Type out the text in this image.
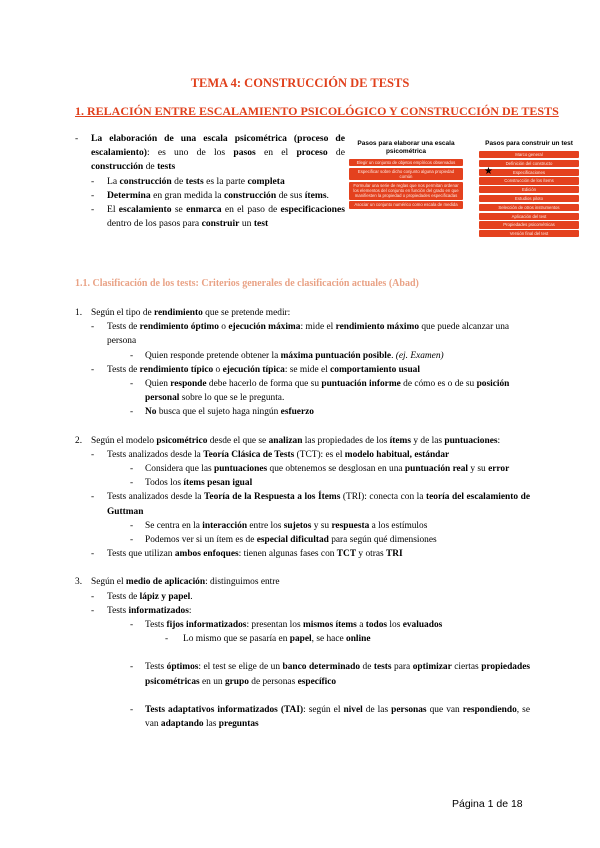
TEMA 4: CONSTRUCCIÓN DE TESTS
1. RELACIÓN ENTRE ESCALAMIENTO PSICOLÓGICO Y CONSTRUCCIÓN DE TESTS
- La elaboración de una escala psicométrica (proceso de escalamiento): es uno de los pasos en el proceso de construcción de tests
- La construcción de tests es la parte completa
- Determina en gran medida la construcción de sus ítems.
- El escalamiento se enmarca en el paso de especificaciones dentro de los pasos para construir un test
Pasos para elaborar una escala psicométrica
Elegir un conjunto de objetos empíricos observados
Especificar sobre dicho conjunto alguna propiedad común
Formular una serie de reglas que nos permitan ordenar los elementos del conjunto en función del grado en que manifiesten la propiedad o propiedades especificadas
Asociar un conjunto numérico como escala de medida
Pasos para construir un test
Marco general
Definición del constructo
Especificaciones
Construcción de los ítems
Edición
Estudios piloto
Selección de otros instrumentos
Aplicación del test
Propiedades psicométricas
Versión final del test
★
1.1. Clasificación de los tests: Criterios generales de clasificación actuales (Abad)
1. Según el tipo de rendimiento que se pretende medir:
- Tests de rendimiento óptimo o ejecución máxima: mide el rendimiento máximo que puede alcanzar una persona
- Quien responde pretende obtener la máxima puntuación posible. (ej. Examen)
- Tests de rendimiento típico o ejecución típica: se mide el comportamiento usual
- Quien responde debe hacerlo de forma que su puntuación informe de cómo es o de su posición personal sobre lo que se le pregunta.
- No busca que el sujeto haga ningún esfuerzo
2. Según el modelo psicométrico desde el que se analizan las propiedades de los ítems y de las puntuaciones:
- Tests analizados desde la Teoría Clásica de Tests (TCT): es el modelo habitual, estándar
- Considera que las puntuaciones que obtenemos se desglosan en una puntuación real y su error
- Todos los ítems pesan igual
- Tests analizados desde la Teoría de la Respuesta a los Ítems (TRI): conecta con la teoría del escalamiento de Guttman
- Se centra en la interacción entre los sujetos y su respuesta a los estímulos
- Podemos ver si un ítem es de especial dificultad para según qué dimensiones
- Tests que utilizan ambos enfoques: tienen algunas fases con TCT y otras TRI
3. Según el medio de aplicación: distinguimos entre
- Tests de lápiz y papel.
- Tests informatizados:
- Tests fijos informatizados: presentan los mismos ítems a todos los evaluados
- Lo mismo que se pasaría en papel, se hace online
- Tests óptimos: el test se elige de un banco determinado de tests para optimizar ciertas propiedades psicométricas en un grupo de personas específico
- Tests adaptativos informatizados (TAI): según el nivel de las personas que van respondiendo, se van adaptando las preguntas
Página 1 de 18
